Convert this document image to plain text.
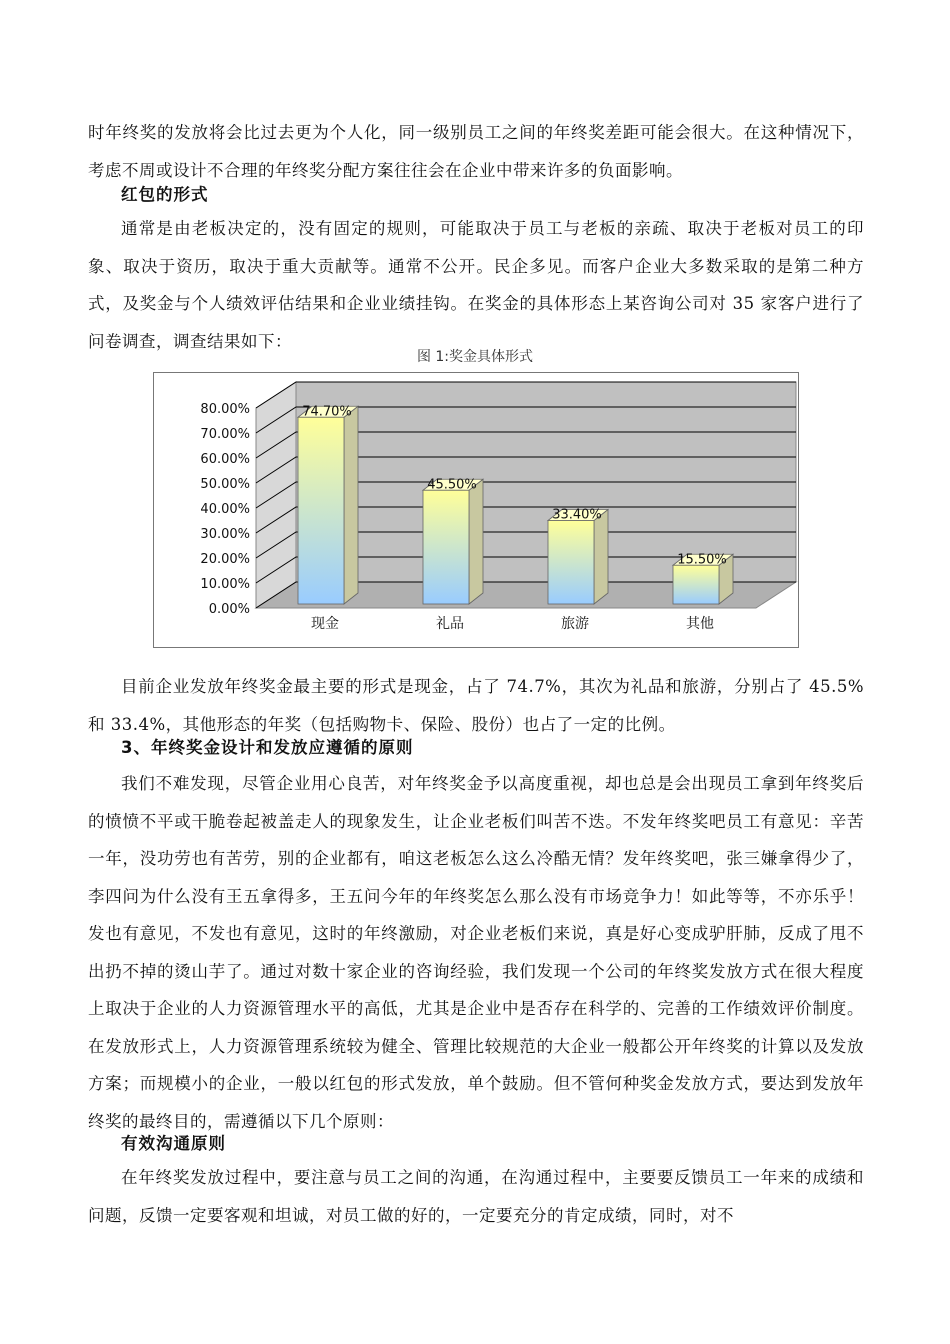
时年终奖的发放将会比过去更为个人化，同一级别员工之间的年终奖差距可能会很大。在这种情况下，考虑不周或设计不合理的年终奖分配方案往往会在企业中带来许多的负面影响。

红包的形式

通常是由老板决定的，没有固定的规则，可能取决于员工与老板的亲疏、取决于老板对员工的印象、取决于资历，取决于重大贡献等。通常不公开。民企多见。而客户企业大多数采取的是第二种方式，及奖金与个人绩效评估结果和企业业绩挂钩。在奖金的具体形态上某咨询公司对 35 家客户进行了问卷调查，调查结果如下：

图 1:奖金具体形式
0.00%
10.00%
20.00%
30.00%
40.00%
50.00%
60.00%
70.00%
80.00%	74.70%
现金
45.50%
礼品
33.40%
旅游
15.50%
其他

目前企业发放年终奖金最主要的形式是现金，占了 74.7%，其次为礼品和旅游，分别占了 45.5%和 33.4%，其他形态的年奖（包括购物卡、保险、股份）也占了一定的比例。

3、年终奖金设计和发放应遵循的原则

我们不难发现，尽管企业用心良苦，对年终奖金予以高度重视，却也总是会出现员工拿到年终奖后的愤愤不平或干脆卷起被盖走人的现象发生，让企业老板们叫苦不迭。不发年终奖吧员工有意见：辛苦一年，没功劳也有苦劳，别的企业都有，咱这老板怎么这么冷酷无情？发年终奖吧，张三嫌拿得少了，李四问为什么没有王五拿得多，王五问今年的年终奖怎么那么没有市场竞争力！如此等等，不亦乐乎！发也有意见，不发也有意见，这时的年终激励，对企业老板们来说，真是好心变成驴肝肺，反成了甩不出扔不掉的烫山芋了。通过对数十家企业的咨询经验，我们发现一个公司的年终奖发放方式在很大程度上取决于企业的人力资源管理水平的高低，尤其是企业中是否存在科学的、完善的工作绩效评价制度。在发放形式上，人力资源管理系统较为健全、管理比较规范的大企业一般都公开年终奖的计算以及发放方案；而规模小的企业，一般以红包的形式发放，单个鼓励。但不管何种奖金发放方式，要达到发放年终奖的最终目的，需遵循以下几个原则：

有效沟通原则

在年终奖发放过程中，要注意与员工之间的沟通，在沟通过程中，主要要反馈员工一年来的成绩和问题，反馈一定要客观和坦诚，对员工做的好的，一定要充分的肯定成绩，同时，对不
